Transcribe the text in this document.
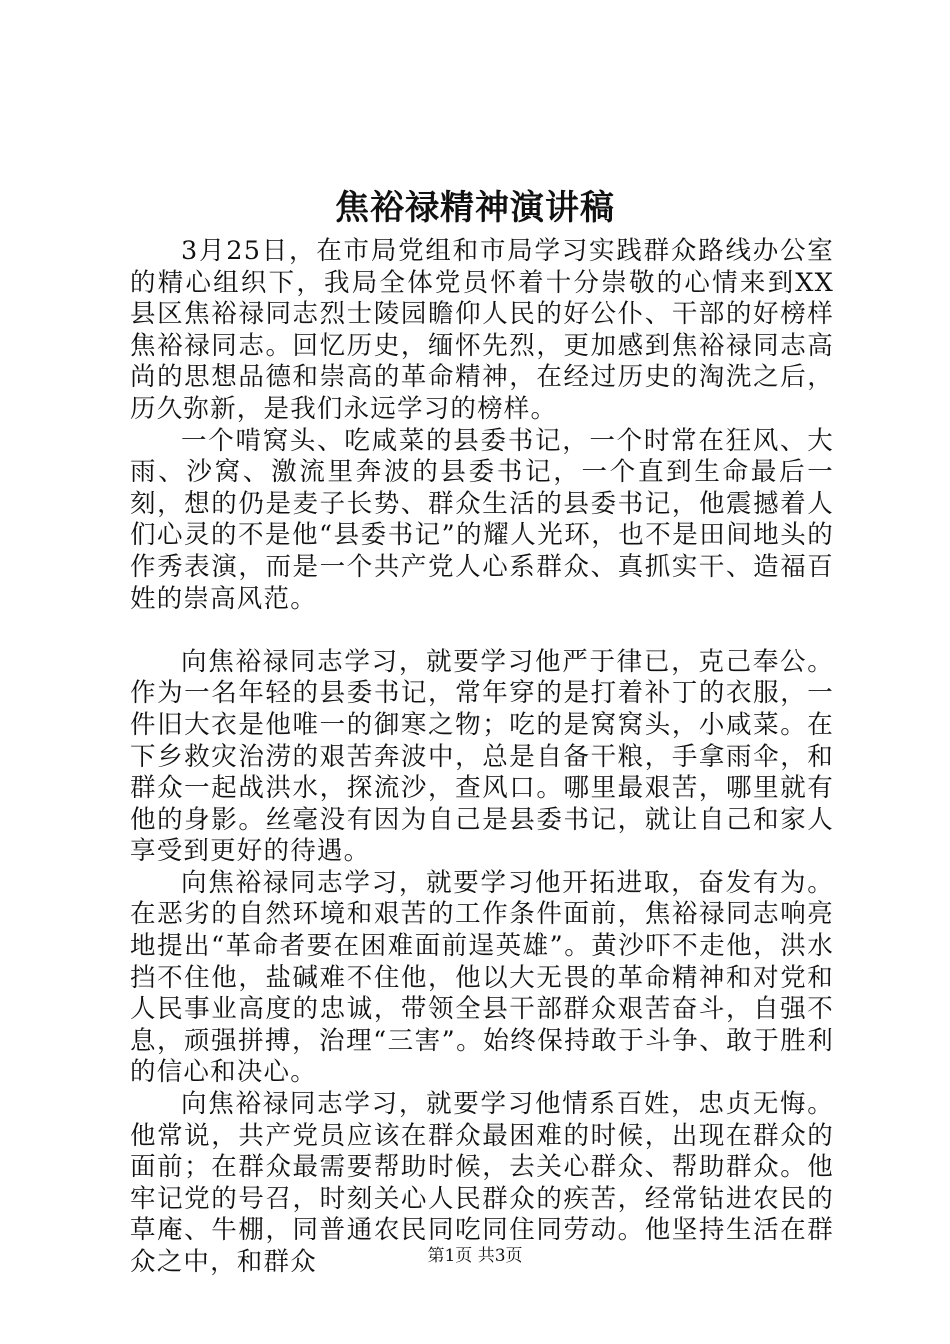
焦裕禄精神演讲稿

3月25日，在市局党组和市局学习实践群众路线办公室的精心组织下，我局全体党员怀着十分崇敬的心情来到XX县区焦裕禄同志烈士陵园瞻仰人民的好公仆、干部的好榜样焦裕禄同志。回忆历史，缅怀先烈，更加感到焦裕禄同志高尚的思想品德和崇高的革命精神，在经过历史的淘洗之后，历久弥新，是我们永远学习的榜样。

一个啃窝头、吃咸菜的县委书记，一个时常在狂风、大雨、沙窝、激流里奔波的县委书记，一个直到生命最后一刻，想的仍是麦子长势、群众生活的县委书记，他震撼着人们心灵的不是他“县委书记”的耀人光环，也不是田间地头的作秀表演，而是一个共产党人心系群众、真抓实干、造福百姓的崇高风范。

向焦裕禄同志学习，就要学习他严于律已，克己奉公。作为一名年轻的县委书记，常年穿的是打着补丁的衣服，一件旧大衣是他唯一的御寒之物；吃的是窝窝头，小咸菜。在下乡救灾治涝的艰苦奔波中，总是自备干粮，手拿雨伞，和群众一起战洪水，探流沙，查风口。哪里最艰苦，哪里就有他的身影。丝毫没有因为自己是县委书记，就让自己和家人享受到更好的待遇。

向焦裕禄同志学习，就要学习他开拓进取，奋发有为。在恶劣的自然环境和艰苦的工作条件面前，焦裕禄同志响亮地提出“革命者要在困难面前逞英雄”。黄沙吓不走他，洪水挡不住他，盐碱难不住他，他以大无畏的革命精神和对党和人民事业高度的忠诚，带领全县干部群众艰苦奋斗，自强不息，顽强拼搏，治理“三害”。始终保持敢于斗争、敢于胜利的信心和决心。

向焦裕禄同志学习，就要学习他情系百姓，忠贞无悔。他常说，共产党员应该在群众最困难的时候，出现在群众的面前；在群众最需要帮助时候，去关心群众、帮助群众。他牢记党的号召，时刻关心人民群众的疾苦，经常钻进农民的草庵、牛棚，同普通农民同吃同住同劳动。他坚持生活在群众之中，和群众	第1页 共3页
